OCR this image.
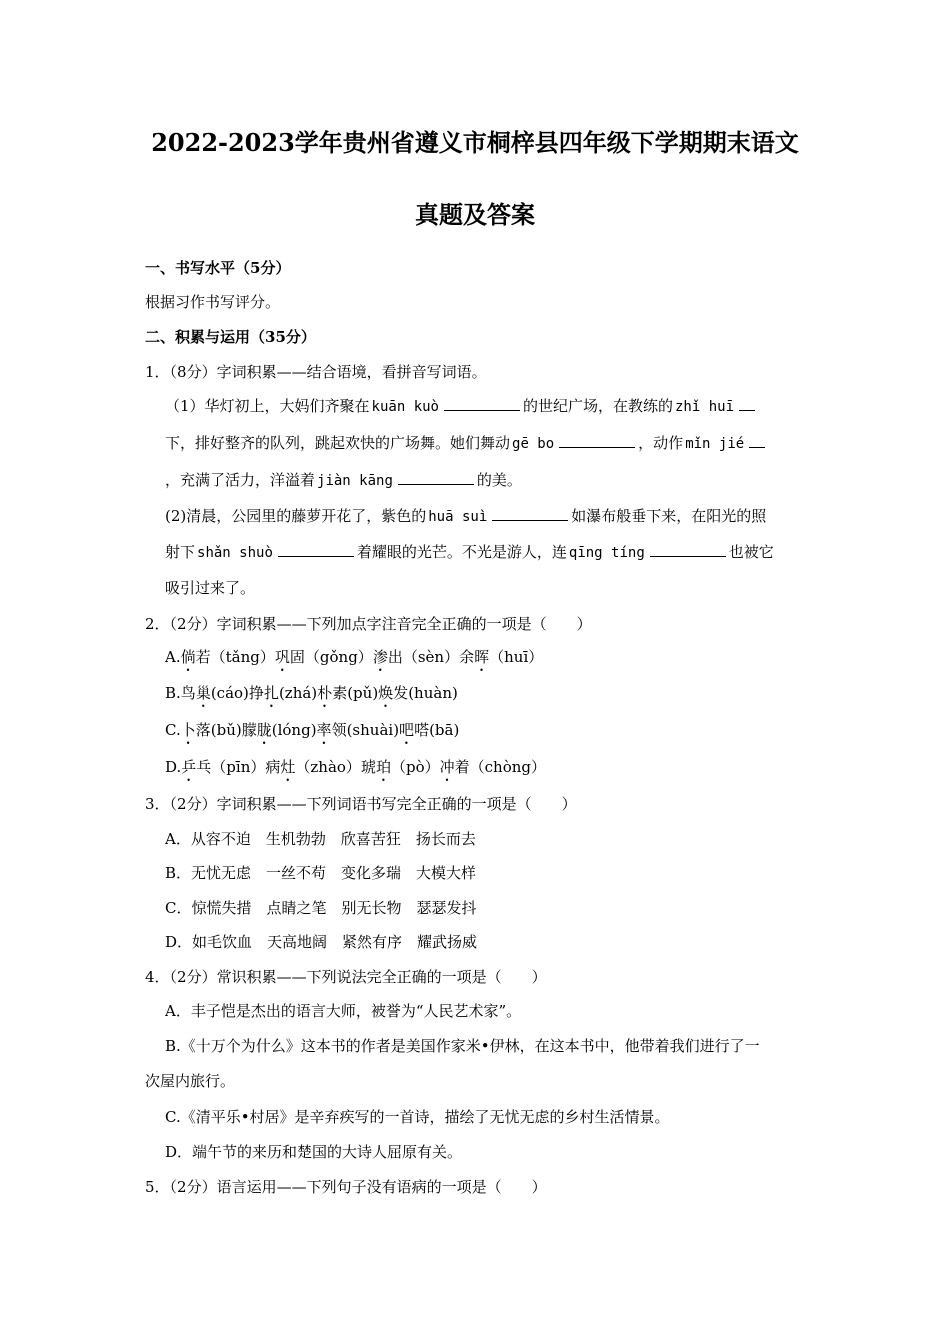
2022-2023学年贵州省遵义市桐梓县四年级下学期期末语文
真题及答案
一、书写水平（5分）
根据习作书写评分。
二、积累与运用（35分）
1．（8分）字词积累——结合语境，看拼音写词语。
（1）华灯初上，大妈们齐聚在 kuān kuò	的世纪广场，在教练的 zhǐ huī
下，排好整齐的队列，跳起欢快的广场舞。她们舞动 gē bo	，动作 mǐn jié
，充满了活力，洋溢着 jiàn kāng	的美。
(2)清晨，公园里的藤萝开花了，紫色的 huā suì	如瀑布般垂下来，在阳光的照
射下 shǎn shuò	着耀眼的光芒。不光是游人，连 qīng tíng	也被它
吸引过来了。
2．（2分）字词积累——下列加点字注音完全正确的一项是（　　）
A.倘若（tǎng）巩固（gǒng）渗出（sèn）余晖（huī）
B.鸟巢(cáo)挣扎(zhá)朴素(pǔ)焕发(huàn)
C.卜落(bǔ)朦胧(lóng)率领(shuài)吧嗒(bā)
D.乒乓（pīn）病灶（zhào）琥珀（pò）冲着（chòng）
3．（2分）字词积累——下列词语书写完全正确的一项是（　　）
A．从容不迫　生机勃勃　欣喜苦狂　扬长而去
B．无忧无虑　一丝不苟　变化多瑞　大模大样
C．惊慌失措　点睛之笔　别无长物　瑟瑟发抖
D．如毛饮血　天高地阔　紧然有序　耀武扬威
4．（2分）常识积累——下列说法完全正确的一项是（　　）
A．丰子恺是杰出的语言大师，被誉为“人民艺术家”。
B.《十万个为什么》这本书的作者是美国作家米•伊林，在这本书中，他带着我们进行了一
次屋内旅行。
C.《清平乐•村居》是辛弃疾写的一首诗，描绘了无忧无虑的乡村生活情景。
D．端午节的来历和楚国的大诗人屈原有关。
5．（2分）语言运用——下列句子没有语病的一项是（　　）
